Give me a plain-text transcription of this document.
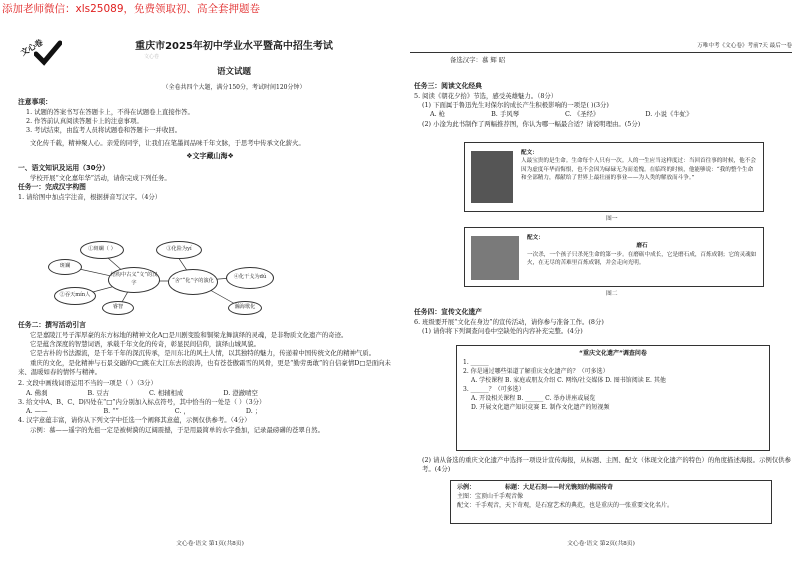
添加老师微信：xls25089，免费领取初、高全套押题卷
文心卷	重庆市2025年初中学业水平暨高中招生考试
文心卷
语文试题
（全卷共四个大题，满分150分，考试时间120分钟）
注意事项：
1. 试题的答案书写在答题卡上，不得在试题卷上直接作答。
2. 作答前认真阅读答题卡上的注意事项。
3. 考试结束，由监考人员将试题卷和答题卡一并收回。
文化传千载，精神聚人心。亲爱的同学，让我们在笔墨间品味千年文脉，于思考中传承文化薪火。
❖文字藏山海❖
一、语文知识及运用（30分）
学校开展“文化嘉年华”活动，请你完成下列任务。
任务一：完成汉字构图
1. 请给图中加点字注音，根据拼音写汉字。（4分）
①斑斓（ ）	③化险为yí
斑斓
结构中古义“文”的汉字
②吞天mín人
④化干戈为dú
“舍”“化”字的演化
睿智	瀚海歌化
任务二：撰写活动引言
它是嘉陵江号子浑厚豪的东方标地的精神文化A□是川剧变脸和铜梁龙舞演绎的灵魂，是非物质文化遗产的奇迹。
它是蕴含深度的智慧词语，承载千年文化的传奇，彰显民间信仰，演绎山城风貌。
它是古朴的书法源流，是千年千年的深沉传承，是川东北的风土人情，以其独特的魅力，传递着中国传统文化的精神气质。
重庆的文化，是化精神与石景交融的C□跳在大江东去的浪涛，也有苍苍傲霜雪的风骨，更是“勤劳勇敢”的自信豪情D□是面向未来、温暖如春的情怀与精神。
2. 文段中画线词语运用不当的一项是（ ）（3分）
A. 佛刹	B. 豆古	C. 相辅相成	D. 澄澈晴空
3. 给文中A、B、C、D四处在“□”内分别加入标点符号，其中恰当的一处是（ ）（3分）
A. ——	B. “”	C. ，	D. ；
4. 汉字意蕴丰富，请你从下列文字中任选一个阐释其意蕴，示例仅供参考。（4分）
示例：慕——遥字的先祖一定是被树漪的辽阔震撼，于是用最简单的水字叠加，记录最磅礴的苍翠自然。
文心卷·语文 第1页(共8页)
万唯中考《文心卷》考前7天 最后一卷
备选汉字：慕 辉 昭
任务三：阅读文化经典
5. 阅读《朝花夕拾》节选，感受英雄魅力。（8分）
(1) 下面属于鲁迅先生对保尔的成长产生积极影响的一项是( )(3分)
A. 枪	B. 手风琴	C. 《圣经》	D. 小说《牛虻》
(2) 小淦为此书制作了两幅推荐图，你认为哪一幅最合适？请说明理由。(5分)
配文：
人最宝贵的是生命。生命每个人只有一次。人的一生应当这样度过：当回首往事的时候，他不会因为虚度年华而悔恨，也不会因为碌碌无为而羞愧。在临终的时候，他能够说：“我的整个生命和全部精力，都献给了世界上最壮丽的事业——为人类的解放而斗争。”
图一
配文：
磨石
一次杀，一个孩子只杀死生命的第一步。在磨砺中成长，它是磨石成，百炼成钢；它的灵魂如火，在无尽的苦难里百炼成钢，并会走向光明。
图二
任务四：宣传文化遗产
6. 班级要开展“文化在身边”的宣传活动，请你参与准备工作。(8分)
(1) 请你将下列调查问卷中空缺处的内容补充完整。(4分)
“重庆文化遗产”调查问卷
1. ______
2. 你是通过哪些渠道了解重庆文化遗产的？（可多选）
A. 学校课程 B. 家庭或朋友介绍 C. 网络/社交媒体 D. 图书馆阅读 E. 其他
3. ______？（可多选）
A. 开设相关课程 B. ______ C. 举办讲座或展览
D. 开展文化遗产知识竞赛 E. 制作文化遗产的短视频
(2) 请从备选的重庆文化遗产中选择一项设计宣传海报，从标题、主图、配文（体现文化遗产的特色）的角度描述海报。示例仅供参考。(4分)
示例：	标题：大足石刻——时光镌刻的佛国传奇
主图：宝顶山千手观音像
配文：千手观音，天下奇观，是石窟艺术的典范，也是重庆的一张重要文化名片。
文心卷·语文 第2页(共8页)
